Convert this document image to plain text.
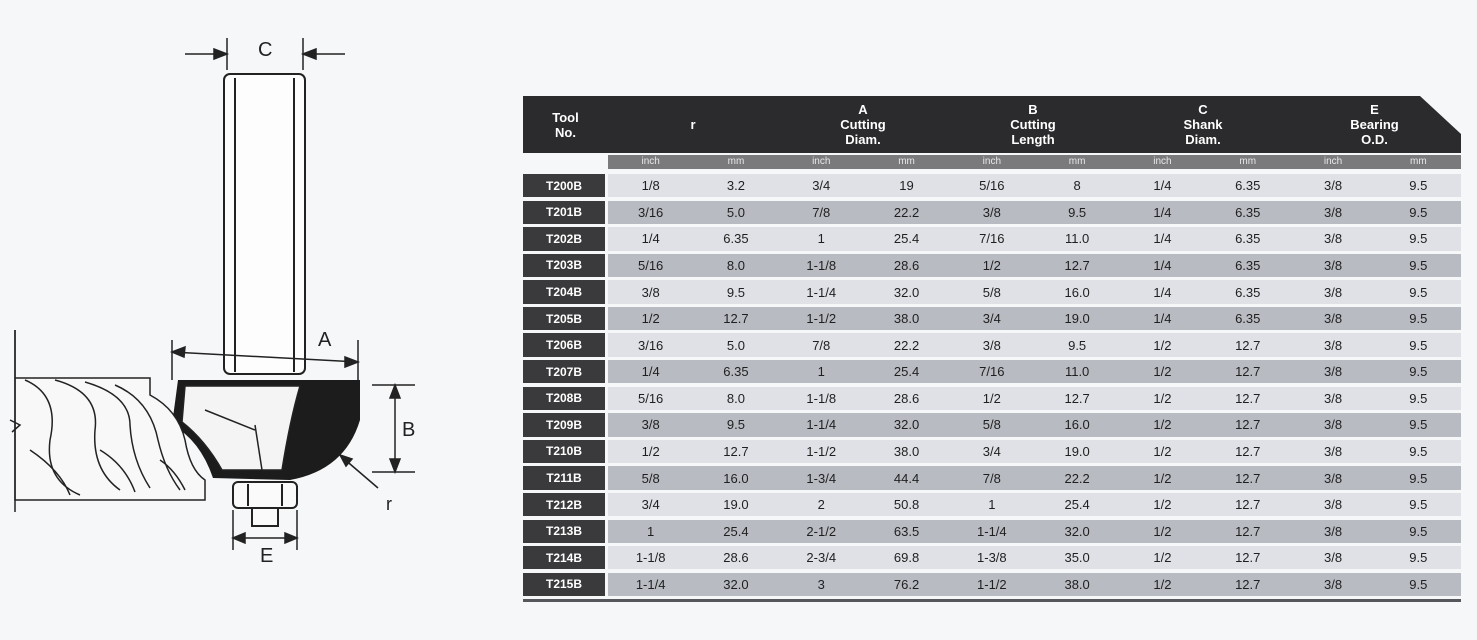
C
A
E
B
r
Tool
No.	r
A
Cutting
Diam.
B
Cutting
Length
C
Shank
Diam.
E
Bearing
O.D.
inch	mm	inch	mm	inch	mm	inch	mm	inch	mm
T200B	1/8	3.2	3/4	19	5/16	8	1/4	6.35	3/8	9.5
T201B	3/16	5.0	7/8	22.2	3/8	9.5	1/4	6.35	3/8	9.5
T202B	1/4	6.35	1	25.4	7/16	11.0	1/4	6.35	3/8	9.5
T203B	5/16	8.0	1-1/8	28.6	1/2	12.7	1/4	6.35	3/8	9.5
T204B	3/8	9.5	1-1/4	32.0	5/8	16.0	1/4	6.35	3/8	9.5
T205B	1/2	12.7	1-1/2	38.0	3/4	19.0	1/4	6.35	3/8	9.5
T206B	3/16	5.0	7/8	22.2	3/8	9.5	1/2	12.7	3/8	9.5
T207B	1/4	6.35	1	25.4	7/16	11.0	1/2	12.7	3/8	9.5
T208B	5/16	8.0	1-1/8	28.6	1/2	12.7	1/2	12.7	3/8	9.5
T209B	3/8	9.5	1-1/4	32.0	5/8	16.0	1/2	12.7	3/8	9.5
T210B	1/2	12.7	1-1/2	38.0	3/4	19.0	1/2	12.7	3/8	9.5
T211B	5/8	16.0	1-3/4	44.4	7/8	22.2	1/2	12.7	3/8	9.5
T212B	3/4	19.0	2	50.8	1	25.4	1/2	12.7	3/8	9.5
T213B	1	25.4	2-1/2	63.5	1-1/4	32.0	1/2	12.7	3/8	9.5
T214B	1-1/8	28.6	2-3/4	69.8	1-3/8	35.0	1/2	12.7	3/8	9.5
T215B	1-1/4	32.0	3	76.2	1-1/2	38.0	1/2	12.7	3/8	9.5
